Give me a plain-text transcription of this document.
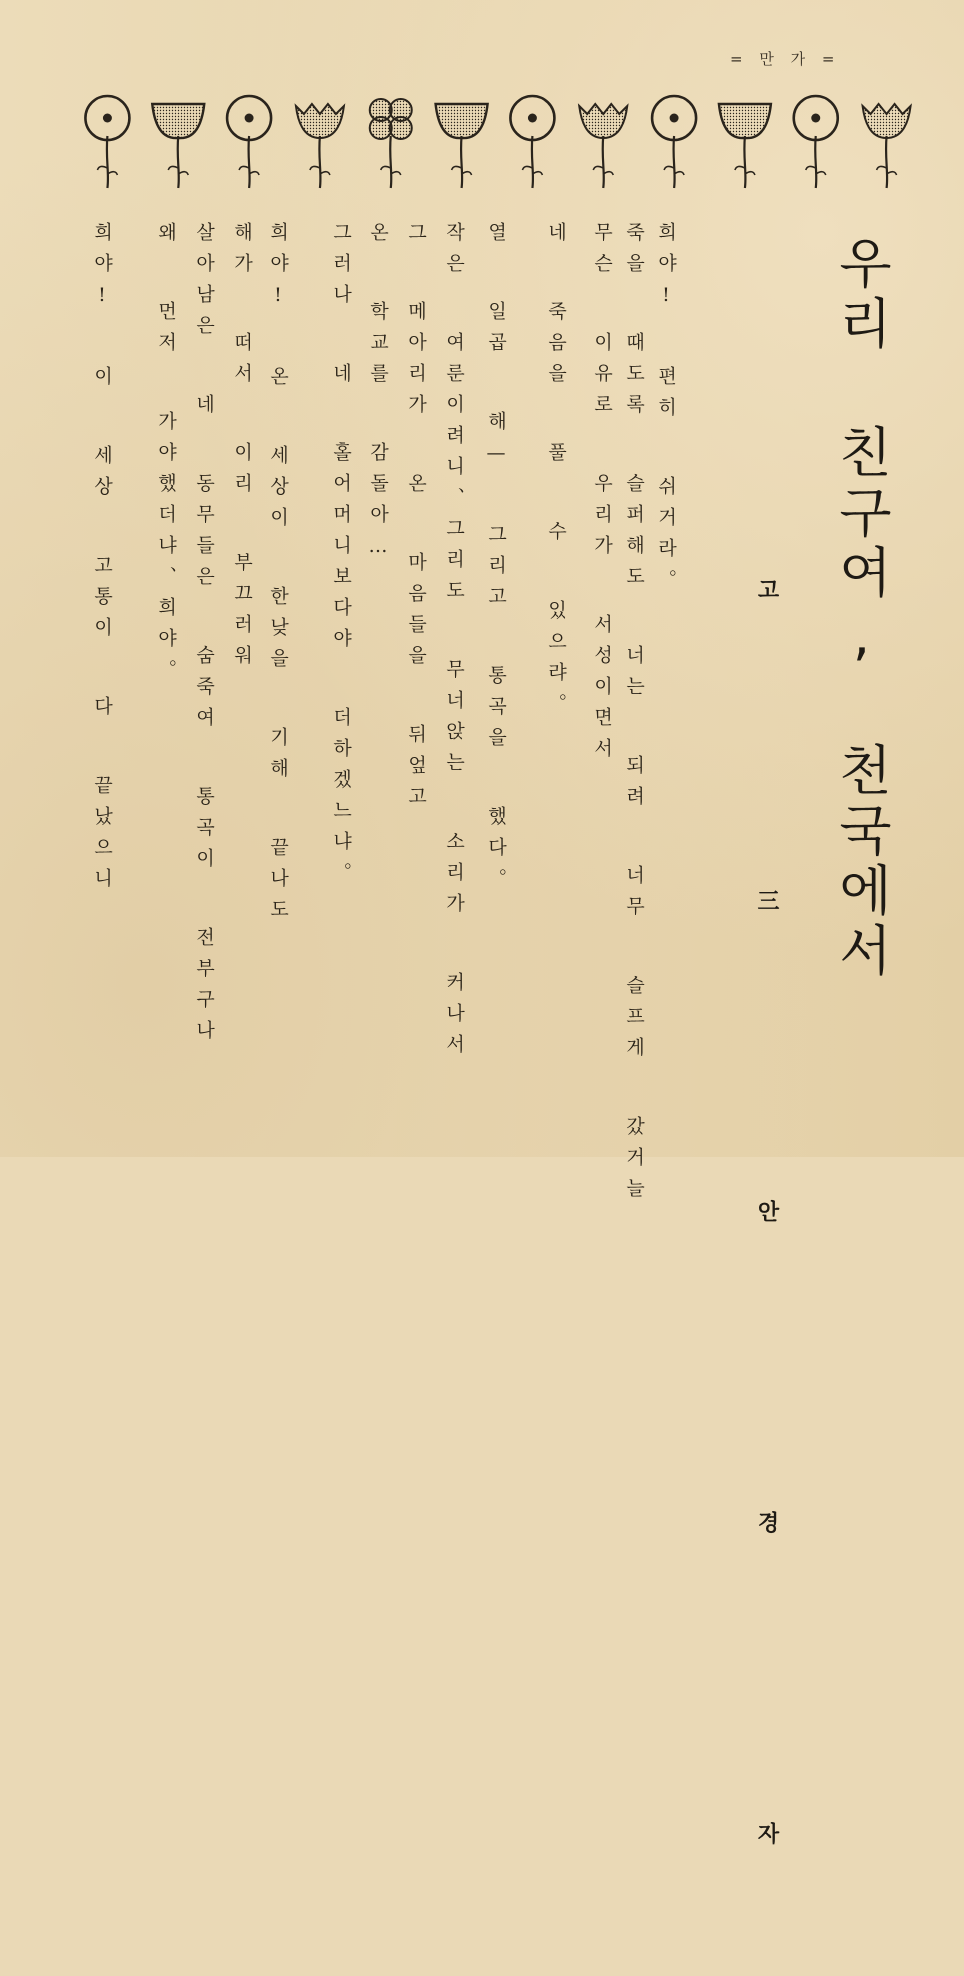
= 만 가 =
우리 친구여, 천국에서
고 三 안 경 자
희야! 편히 쉬거라。
죽을 때도록 슬퍼해도 너는 되려 너무 슬프게 갔거늘
무슨 이유로 우리가 서성이면서
네 죽음을 풀 수 있으랴。
열 일곱 해— 그리고 통곡을 했다。
작은 여룬이려니、그리도 무너앉는 소리가 커나서
그 메아리가 온 마음들을 뒤엎고
온 학교를 감돌아…
그러나 네 홀어머니보다야 더하겠느냐。
희야! 온 세상이 한낮을 기해 끝나도
해가 떠서 이리 부끄러워
살아남은 네 동무들은 숨죽여 통곡이 전부구나
왜 먼저 가야했더냐、희야。
희야! 이 세상 고통이 다 끝났으니
